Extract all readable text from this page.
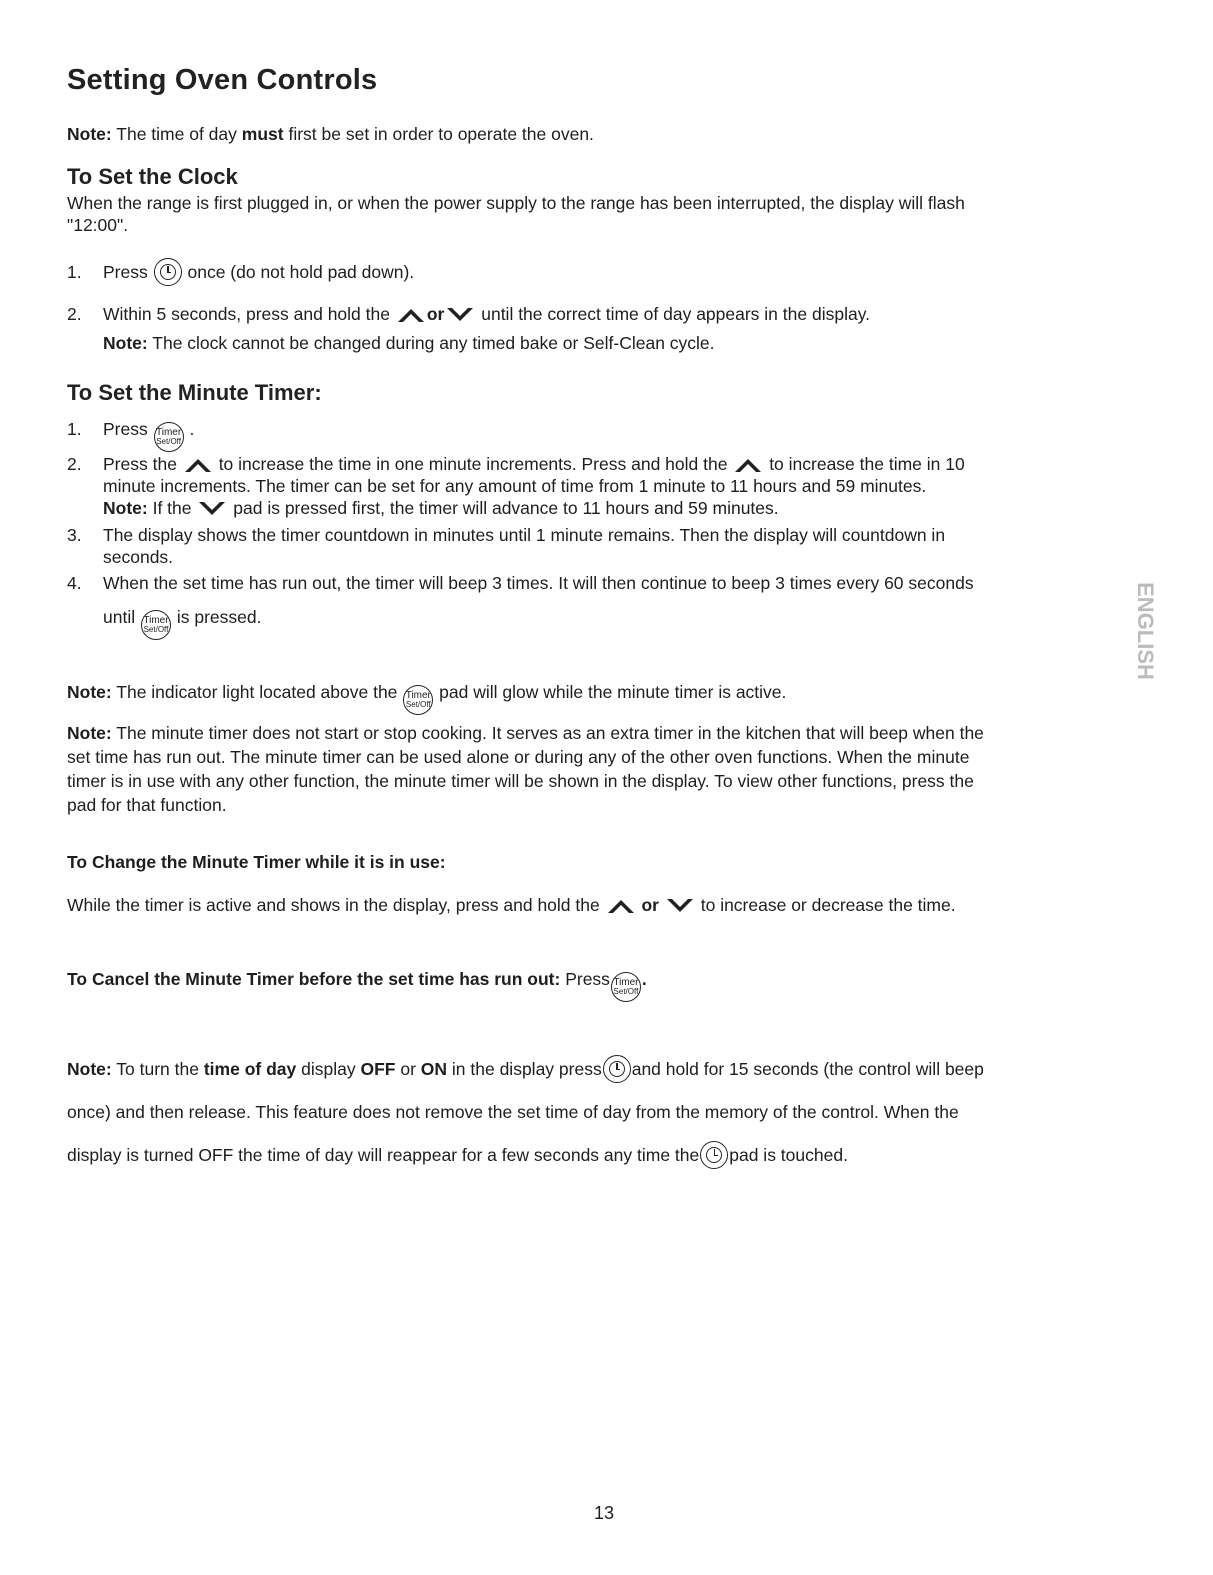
Setting Oven Controls
Note: The time of day must first be set in order to operate the oven.
To Set the Clock
When the range is first plugged in, or when the power supply to the range has been interrupted, the display will flash
"12:00".
1. Press once (do not hold pad down).
2. Within 5 seconds, press and hold the or until the correct time of day appears in the display.
Note: The clock cannot be changed during any timed bake or Self-Clean cycle.
To Set the Minute Timer:
1. Press Timer
Set/Off
.
2. Press the to increase the time in one minute increments. Press and hold the to increase the time in 10
minute increments. The timer can be set for any amount of time from 1 minute to 11 hours and 59 minutes.
Note: If the pad is pressed first, the timer will advance to 11 hours and 59 minutes.
3. The display shows the timer countdown in minutes until 1 minute remains. Then the display will countdown in
seconds.
4. When the set time has run out, the timer will beep 3 times. It will then continue to beep 3 times every 60 seconds
until Timer
Set/Off
is pressed.
Note: The indicator light located above the Timer
Set/Off
pad will glow while the minute timer is active.
Note: The minute timer does not start or stop cooking. It serves as an extra timer in the kitchen that will beep when the
set time has run out. The minute timer can be used alone or during any of the other oven functions. When the minute
timer is in use with any other function, the minute timer will be shown in the display. To view other functions, press the
pad for that function.
To Change the Minute Timer while it is in use:
While the timer is active and shows in the display, press and hold the or to increase or decrease the time.
To Cancel the Minute Timer before the set time has run out: Press Timer
Set/Off
.
Note: To turn the time of day display OFF or ON in the display press and hold for 15 seconds (the control will beep
once) and then release. This feature does not remove the set time of day from the memory of the control. When the
display is turned OFF the time of day will reappear for a few seconds any time the pad is touched.
ENGLISH
13
